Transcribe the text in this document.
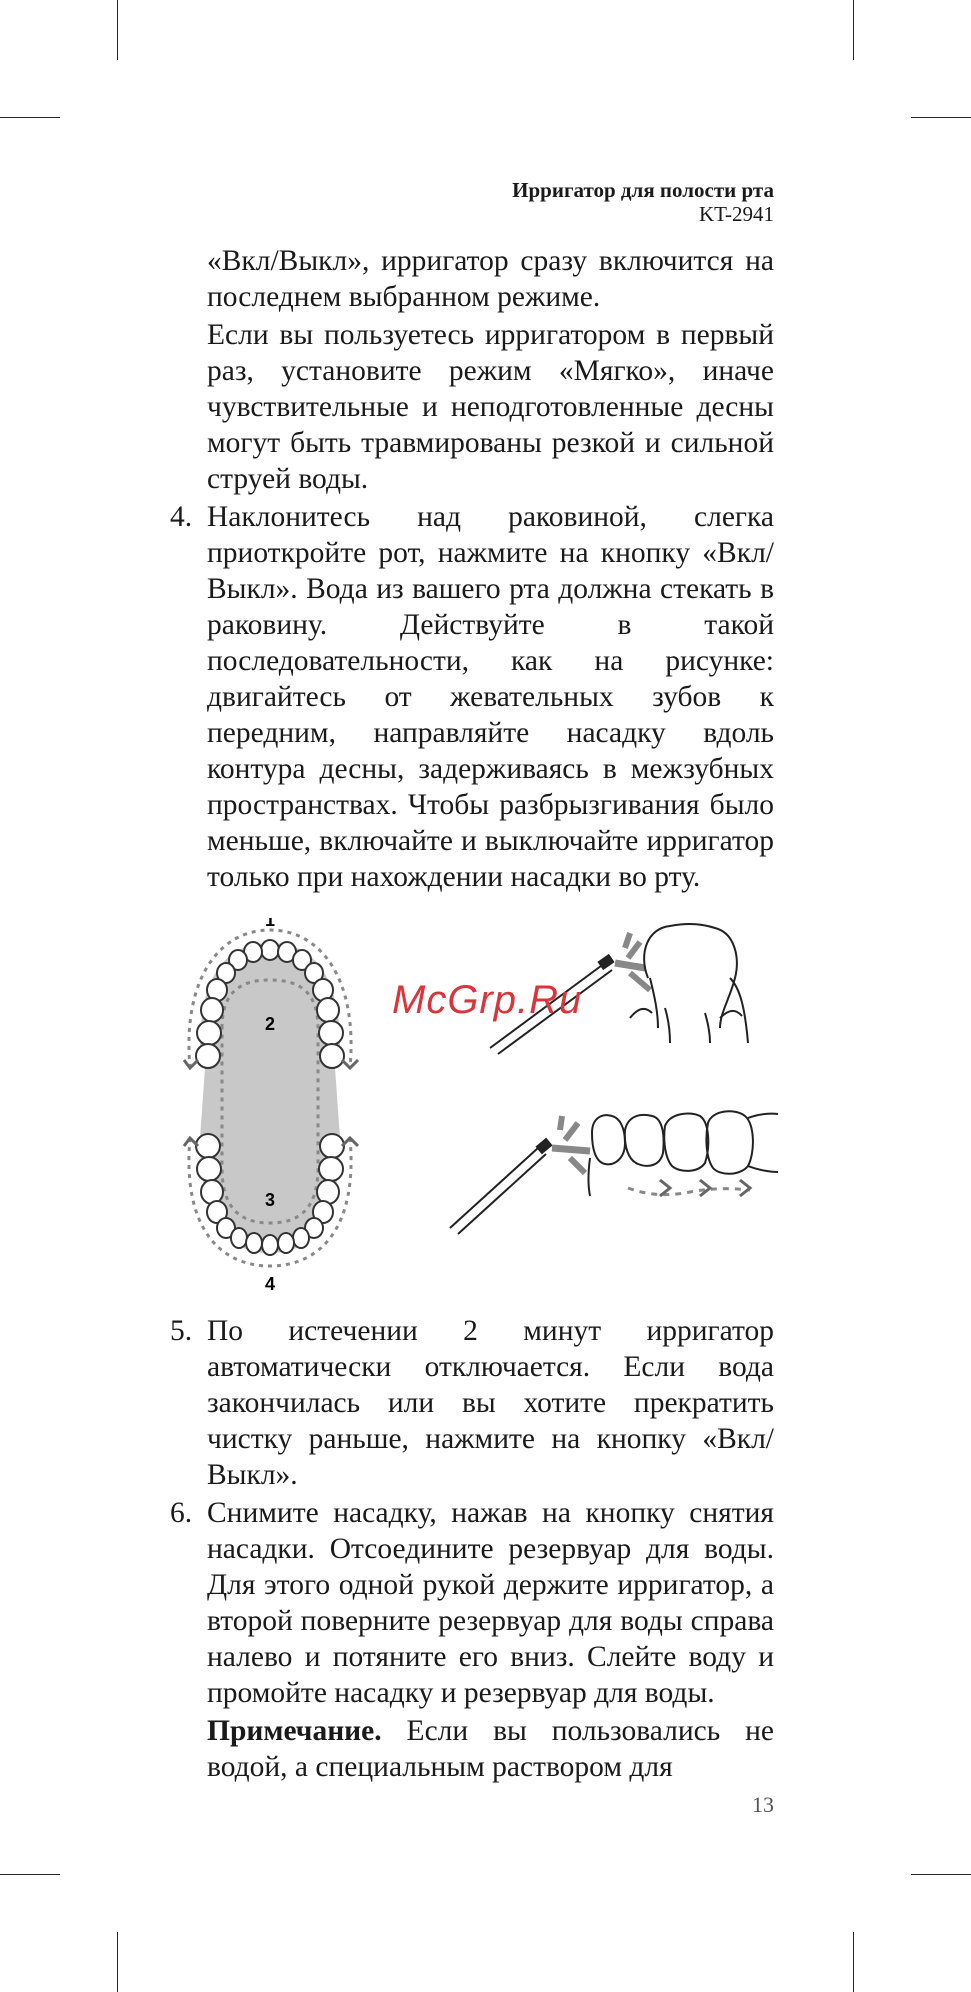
Ирригатор для полости рта
KT-2941

«Вкл/Выкл», ирригатор сразу включится на последнем выбранном режиме.

Если вы пользуетесь ирригатором в первый раз, установите режим «Мягко», иначе чувствительные и неподготовленные десны могут быть травмированы резкой и сильной струей воды.

4. Наклонитесь над раковиной, слегка приоткройте рот, нажмите на кнопку «Вкл/Выкл». Вода из вашего рта должна стекать в раковину. Действуйте в такой последовательности, как на рисунке: двигайтесь от жевательных зубов к передним, направляйте насадку вдоль контура десны, задерживаясь в межзубных пространствах. Чтобы разбрызгивания было меньше, включайте и выключайте ирригатор только при нахождении насадки во рту.
1
2
3
4
McGrp.Ru
5. По истечении 2 минут ирригатор автоматически отключается. Если вода закончилась или вы хотите прекратить чистку раньше, нажмите на кнопку «Вкл/Выкл».
6. Снимите насадку, нажав на кнопку снятия насадки. Отсоедините резервуар для воды. Для этого одной рукой держите ирригатор, а второй поверните резервуар для воды справа налево и потяните его вниз. Слейте воду и промойте насадку и резервуар для воды.

Примечание. Если вы пользовались не водой, а специальным раствором для

13
